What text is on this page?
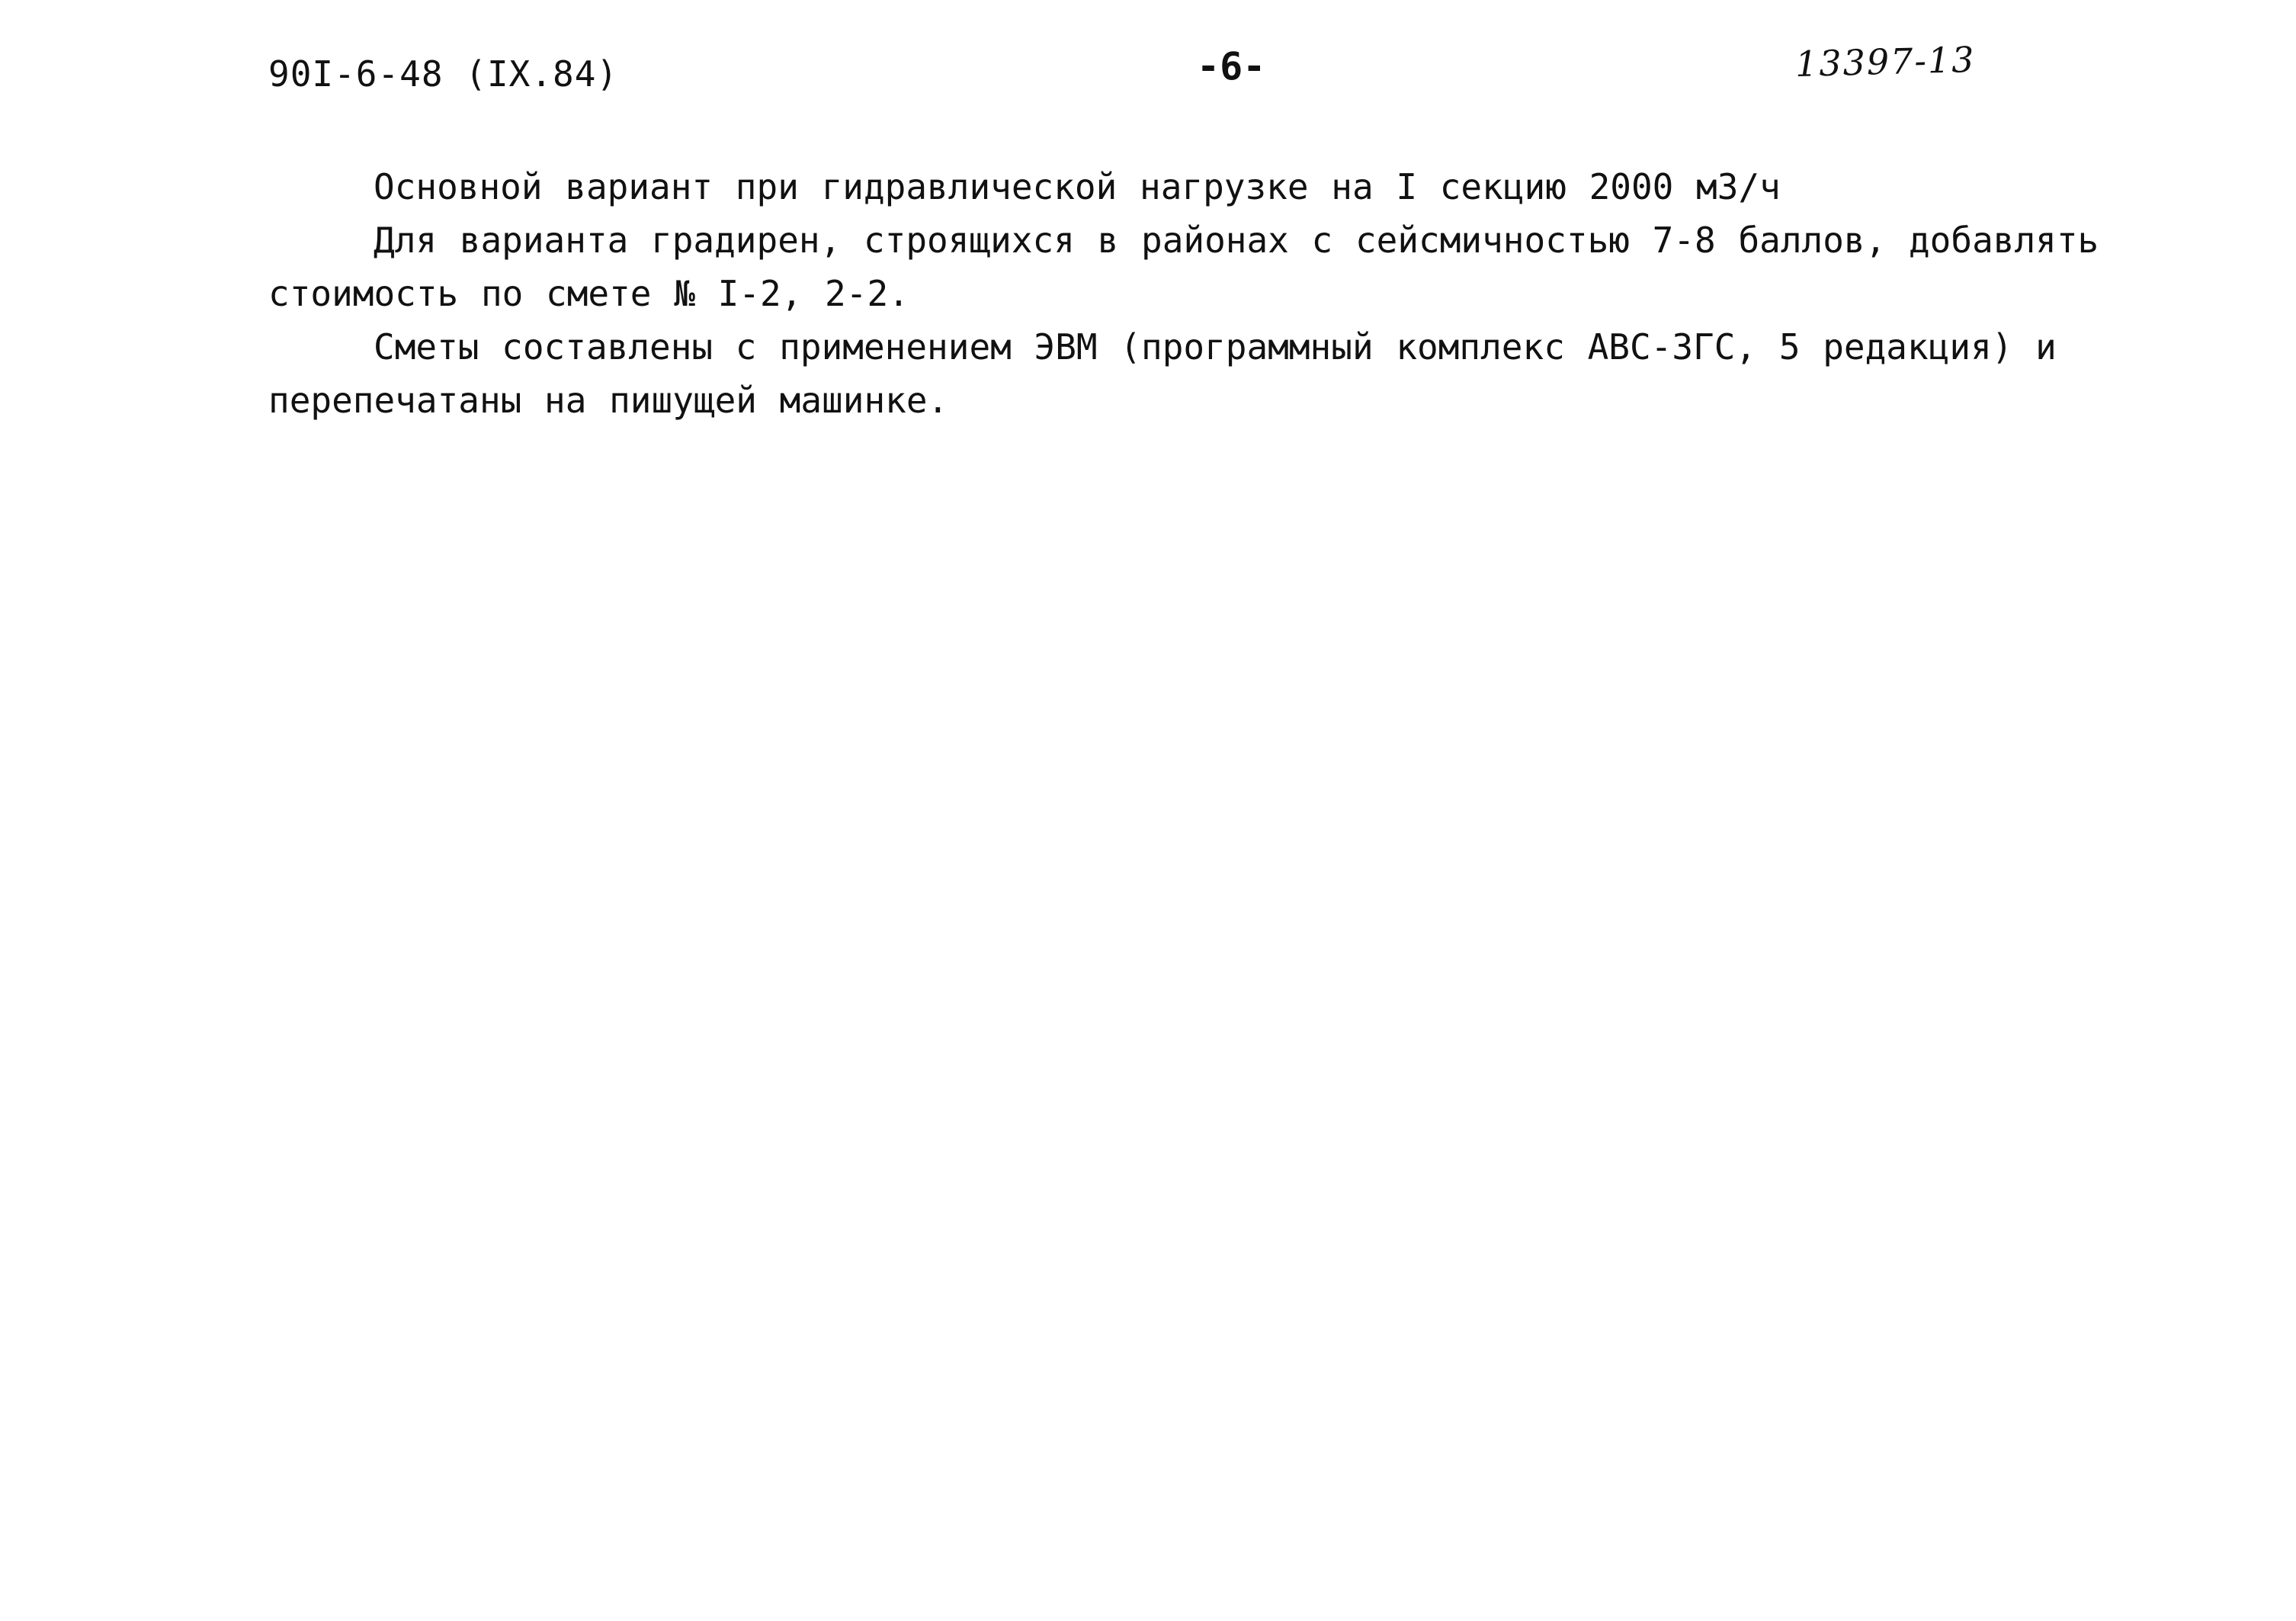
90I-6-48 (IX.84)	-6-	13397-13
Основной вариант при гидравлической нагрузке на I секцию 2000 м3/ч
Для варианта градирен, строящихся в районах с сейсмичностью 7-8 баллов, добавлять
стоимость по смете № I-2, 2-2.
Сметы составлены с применением ЭВМ (программный комплекс АВС-3ГС, 5 редакция) и
перепечатаны на пишущей машинке.
